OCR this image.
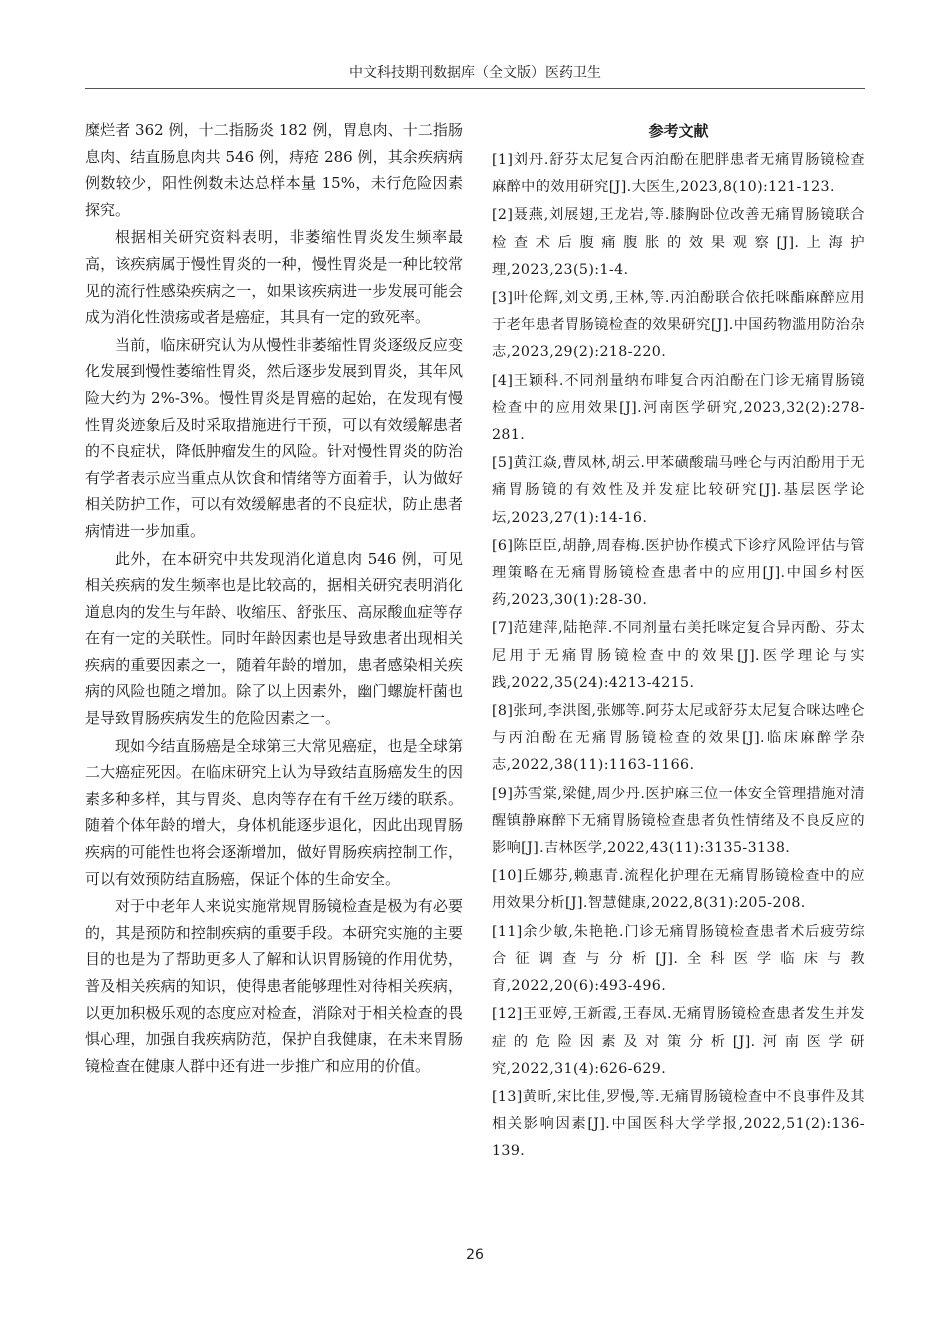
中文科技期刊数据库（全文版）医药卫生

糜烂者 362 例，十二指肠炎 182 例，胃息肉、十二指肠息肉、结直肠息肉共 546 例，痔疮 286 例，其余疾病病例数较少，阳性例数未达总样本量 15%，未行危险因素探究。

根据相关研究资料表明，非萎缩性胃炎发生频率最高，该疾病属于慢性胃炎的一种，慢性胃炎是一种比较常见的流行性感染疾病之一，如果该疾病进一步发展可能会成为消化性溃疡或者是癌症，其具有一定的致死率。

当前，临床研究认为从慢性非萎缩性胃炎逐级反应变化发展到慢性萎缩性胃炎，然后逐步发展到胃炎，其年风险大约为 2%-3%。慢性胃炎是胃癌的起始，在发现有慢性胃炎迹象后及时采取措施进行干预，可以有效缓解患者的不良症状，降低肿瘤发生的风险。针对慢性胃炎的防治有学者表示应当重点从饮食和情绪等方面着手，认为做好相关防护工作，可以有效缓解患者的不良症状，防止患者病情进一步加重。

此外，在本研究中共发现消化道息肉 546 例，可见相关疾病的发生频率也是比较高的，据相关研究表明消化道息肉的发生与年龄、收缩压、舒张压、高尿酸血症等存在有一定的关联性。同时年龄因素也是导致患者出现相关疾病的重要因素之一，随着年龄的增加，患者感染相关疾病的风险也随之增加。除了以上因素外，幽门螺旋杆菌也是导致胃肠疾病发生的危险因素之一。

现如今结直肠癌是全球第三大常见癌症，也是全球第二大癌症死因。在临床研究上认为导致结直肠癌发生的因素多种多样，其与胃炎、息肉等存在有千丝万缕的联系。随着个体年龄的增大，身体机能逐步退化，因此出现胃肠疾病的可能性也将会逐渐增加，做好胃肠疾病控制工作，可以有效预防结直肠癌，保证个体的生命安全。

对于中老年人来说实施常规胃肠镜检查是极为有必要的，其是预防和控制疾病的重要手段。本研究实施的主要目的也是为了帮助更多人了解和认识胃肠镜的作用优势，普及相关疾病的知识，使得患者能够理性对待相关疾病，以更加积极乐观的态度应对检查，消除对于相关检查的畏惧心理，加强自我疾病防范，保护自我健康，在未来胃肠镜检查在健康人群中还有进一步推广和应用的价值。

参考文献

[1]刘丹.舒芬太尼复合丙泊酚在肥胖患者无痛胃肠镜检查麻醉中的效用研究[J].大医生,2023,8(10):121-123.

[2]聂燕,刘展翅,王龙岩,等.膝胸卧位改善无痛胃肠镜联合检查术后腹痛腹胀的效果观察[J].上海护理,2023,23(5):1-4.

[3]叶伦辉,刘文勇,王林,等.丙泊酚联合依托咪酯麻醉应用于老年患者胃肠镜检查的效果研究[J].中国药物滥用防治杂志,2023,29(2):218-220.

[4]王颖科.不同剂量纳布啡复合丙泊酚在门诊无痛胃肠镜检查中的应用效果[J].河南医学研究,2023,32(2):278-281.

[5]黄江焱,曹凤林,胡云.甲苯磺酸瑞马唑仑与丙泊酚用于无痛胃肠镜的有效性及并发症比较研究[J].基层医学论坛,2023,27(1):14-16.

[6]陈臣臣,胡静,周春梅.医护协作模式下诊疗风险评估与管理策略在无痛胃肠镜检查患者中的应用[J].中国乡村医药,2023,30(1):28-30.

[7]范建萍,陆艳萍.不同剂量右美托咪定复合异丙酚、芬太尼用于无痛胃肠镜检查中的效果[J].医学理论与实践,2022,35(24):4213-4215.

[8]张珂,李洪图,张娜等.阿芬太尼或舒芬太尼复合咪达唑仑与丙泊酚在无痛胃肠镜检查的效果[J].临床麻醉学杂志,2022,38(11):1163-1166.

[9]苏雪棠,梁健,周少丹.医护麻三位一体安全管理措施对清醒镇静麻醉下无痛胃肠镜检查患者负性情绪及不良反应的影响[J].吉林医学,2022,43(11):3135-3138.

[10]丘娜芬,赖惠青.流程化护理在无痛胃肠镜检查中的应用效果分析[J].智慧健康,2022,8(31):205-208.

[11]余少敏,朱艳艳.门诊无痛胃肠镜检查患者术后疲劳综合征调查与分析[J].全科医学临床与教育,2022,20(6):493-496.

[12]王亚婷,王新霞,王春凤.无痛胃肠镜检查患者发生并发症的危险因素及对策分析[J].河南医学研究,2022,31(4):626-629.

[13]黄昕,宋比佳,罗慢,等.无痛胃肠镜检查中不良事件及其相关影响因素[J].中国医科大学学报,2022,51(2):136-139.

26
